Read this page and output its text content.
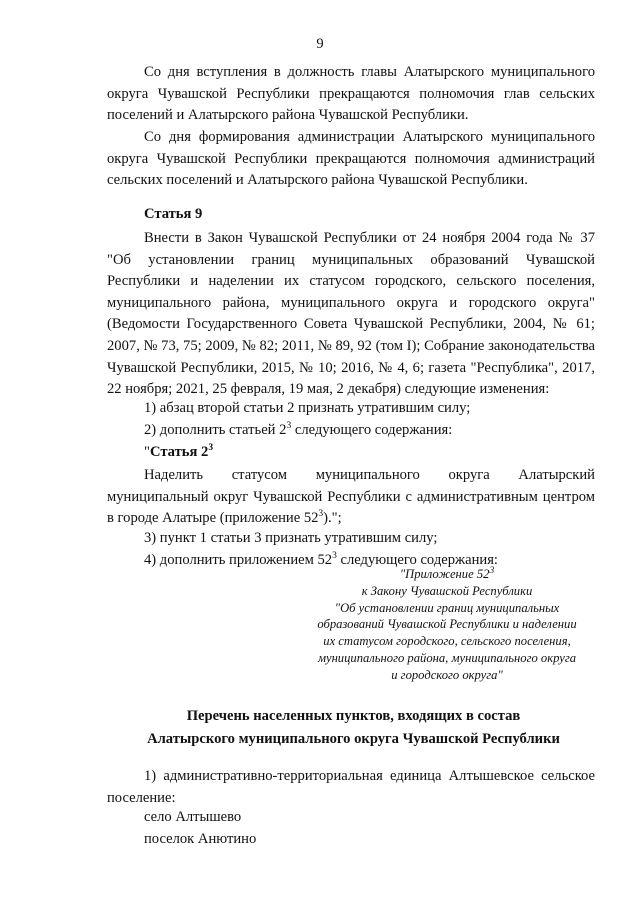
9

Со дня вступления в должность главы Алатырского муниципального округа Чувашской Республики прекращаются полномочия глав сельских поселений и Алатырского района Чувашской Республики.

Со дня формирования администрации Алатырского муниципального округа Чувашской Республики прекращаются полномочия администраций сельских поселений и Алатырского района Чувашской Республики.

Статья 9

Внести в Закон Чувашской Республики от 24 ноября 2004 года № 37 "Об установлении границ муниципальных образований Чувашской Республики и наделении их статусом городского, сельского поселения, муниципального района, муниципального округа и городского округа" (Ведомости Государственного Совета Чувашской Республики, 2004, № 61; 2007, № 73, 75; 2009, № 82; 2011, № 89, 92 (том I); Собрание законодательства Чувашской Республики, 2015, № 10; 2016, № 4, 6; газета "Республика", 2017, 22 ноября; 2021, 25 февраля, 19 мая, 2 декабря) следующие изменения:

1) абзац второй статьи 2 признать утратившим силу;

2) дополнить статьей $2^3$ следующего содержания:

"Статья $2^3$

Наделить статусом муниципального округа Алатырский муниципальный округ Чувашской Республики с административным центром в городе Алатыре (приложение $52^3$).";

3) пункт 1 статьи 3 признать утратившим силу;

4) дополнить приложением $52^3$ следующего содержания:

"Приложение $52^3$
к Закону Чувашской Республики
"Об установлении границ муниципальных
образований Чувашской Республики и наделении
их статусом городского, сельского поселения,
муниципального района, муниципального округа
и городского округа"
Перечень населенных пунктов, входящих в состав
Алатырского муниципального округа Чувашской Республики

1) административно-территориальная единица Алтышевское сельское поселение:

село Алтышево

поселок Анютино
